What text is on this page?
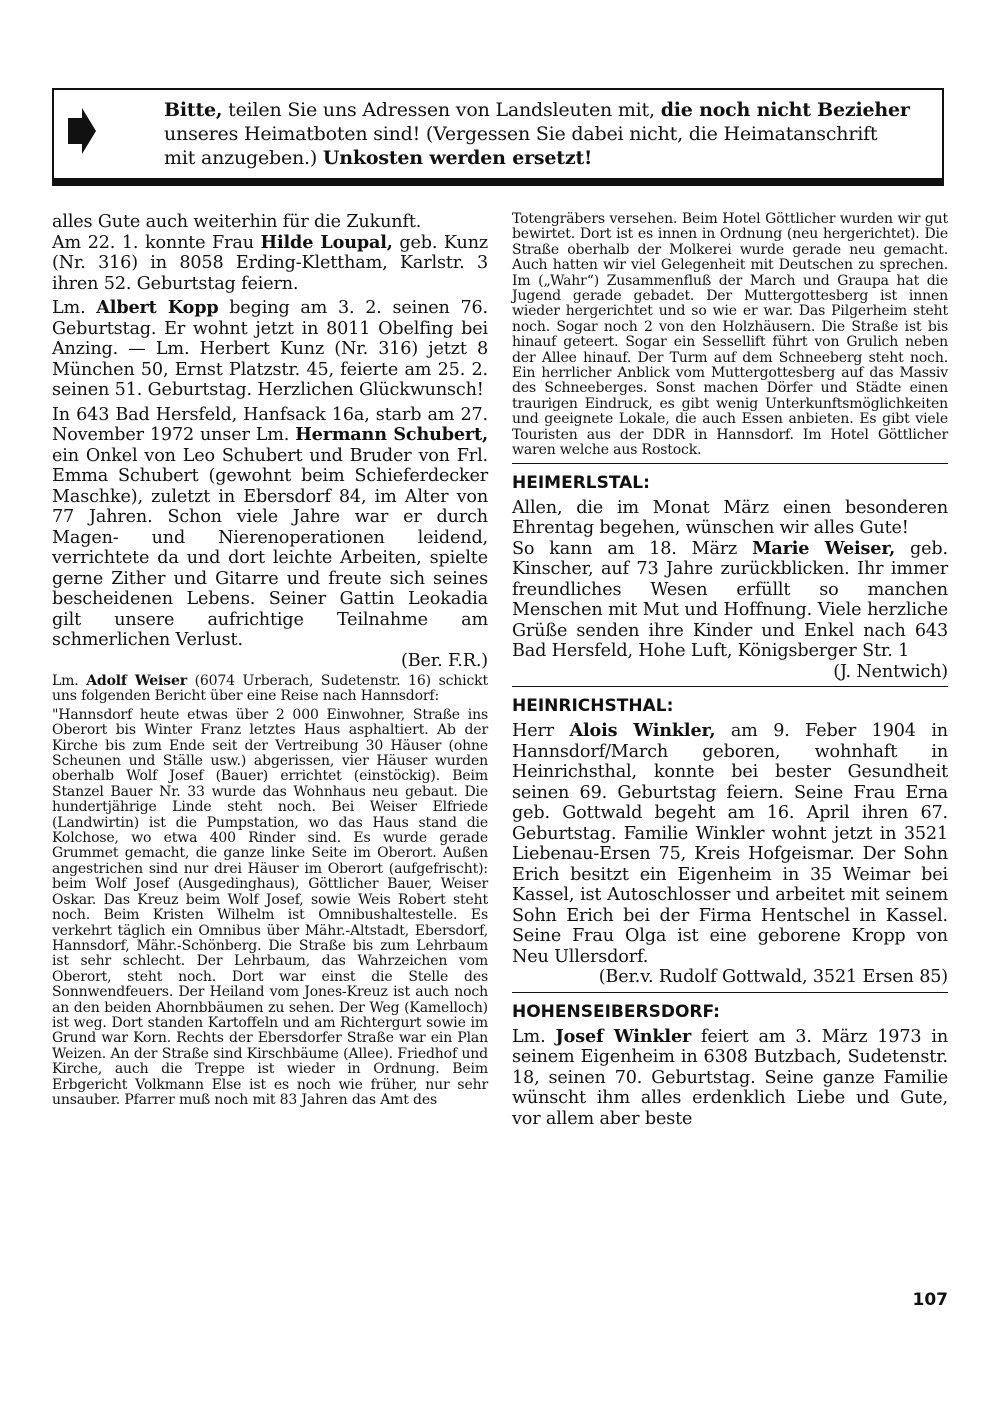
Bitte, teilen Sie uns Adressen von Landsleuten mit, die noch nicht Bezieher
unseres Heimatboten sind! (Vergessen Sie dabei nicht, die Heimatanschrift
mit anzugeben.) Unkosten werden ersetzt!

alles Gute auch weiterhin für die Zukunft.

Am 22. 1. konnte Frau Hilde Loupal, geb. Kunz (Nr. 316) in 8058 Erding-Klettham, Karlstr. 3 ihren 52. Geburtstag feiern.

Lm. Albert Kopp beging am 3. 2. seinen 76. Geburtstag. Er wohnt jetzt in 8011 Obelfing bei Anzing. — Lm. Herbert Kunz (Nr. 316) jetzt 8 München 50, Ernst Platzstr. 45, feierte am 25. 2. seinen 51. Geburtstag. Herzlichen Glückwunsch!

In 643 Bad Hersfeld, Hanfsack 16a, starb am 27. November 1972 unser Lm. Hermann Schubert, ein Onkel von Leo Schubert und Bruder von Frl. Emma Schubert (gewohnt beim Schieferdecker Maschke), zuletzt in Ebersdorf 84, im Alter von 77 Jahren. Schon viele Jahre war er durch Magen- und Nierenoperationen leidend, verrichtete da und dort leichte Arbeiten, spielte gerne Zither und Gitarre und freute sich seines bescheidenen Lebens. Seiner Gattin Leokadia gilt unsere aufrichtige Teilnahme am schmerlichen Verlust.

(Ber. F.R.)

Lm. Adolf Weiser (6074 Urberach, Sudetenstr. 16) schickt uns folgenden Bericht über eine Reise nach Hannsdorf:

"Hannsdorf heute etwas über 2 000 Einwohner, Straße ins Oberort bis Winter Franz letztes Haus asphaltiert. Ab der Kirche bis zum Ende seit der Vertreibung 30 Häuser (ohne Scheunen und Ställe usw.) abgerissen, vier Häuser wurden oberhalb Wolf Josef (Bauer) errichtet (einstöckig). Beim Stanzel Bauer Nr. 33 wurde das Wohnhaus neu gebaut. Die hundertjährige Linde steht noch. Bei Weiser Elfriede (Landwirtin) ist die Pumpstation, wo das Haus stand die Kolchose, wo etwa 400 Rinder sind. Es wurde gerade Grummet gemacht, die ganze linke Seite im Oberort. Außen angestrichen sind nur drei Häuser im Oberort (aufgefrischt): beim Wolf Josef (Ausgedinghaus), Göttlicher Bauer, Weiser Oskar. Das Kreuz beim Wolf Josef, sowie Weis Robert steht noch. Beim Kristen Wilhelm ist Omnibushaltestelle. Es verkehrt täglich ein Omnibus über Mähr.-Altstadt, Ebersdorf, Hannsdorf, Mähr.-Schönberg. Die Straße bis zum Lehrbaum ist sehr schlecht. Der Lehrbaum, das Wahrzeichen vom Oberort, steht noch. Dort war einst die Stelle des Sonnwendfeuers. Der Heiland vom Jones-Kreuz ist auch noch an den beiden Ahornbbäumen zu sehen. Der Weg (Kamelloch) ist weg. Dort standen Kartoffeln und am Richtergurt sowie im Grund war Korn. Rechts der Ebersdorfer Straße war ein Plan Weizen. An der Straße sind Kirschbäume (Allee). Friedhof und Kirche, auch die Treppe ist wieder in Ordnung. Beim Erbgericht Volkmann Else ist es noch wie früher, nur sehr unsauber. Pfarrer muß noch mit 83 Jahren das Amt des

Totengräbers versehen. Beim Hotel Göttlicher wurden wir gut bewirtet. Dort ist es innen in Ordnung (neu hergerichtet). Die Straße oberhalb der Molkerei wurde gerade neu gemacht. Auch hatten wir viel Gelegenheit mit Deutschen zu sprechen. Im („Wahr“) Zusammenfluß der March und Graupa hat die Jugend gerade gebadet. Der Muttergottesberg ist innen wieder hergerichtet und so wie er war. Das Pilgerheim steht noch. Sogar noch 2 von den Holzhäusern. Die Straße ist bis hinauf geteert. Sogar ein Sessellift führt von Grulich neben der Allee hinauf. Der Turm auf dem Schneeberg steht noch. Ein herrlicher Anblick vom Muttergottesberg auf das Massiv des Schneeberges. Sonst machen Dörfer und Städte einen traurigen Eindruck, es gibt wenig Unterkunftsmöglichkeiten und geeignete Lokale, die auch Essen anbieten. Es gibt viele Touristen aus der DDR in Hannsdorf. Im Hotel Göttlicher waren welche aus Rostock.

HEIMERLSTAL:

Allen, die im Monat März einen besonderen Ehrentag begehen, wünschen wir alles Gute!

So kann am 18. März Marie Weiser, geb. Kinscher, auf 73 Jahre zurückblicken. Ihr immer freundliches Wesen erfüllt so manchen Menschen mit Mut und Hoffnung. Viele herzliche Grüße senden ihre Kinder und Enkel nach 643 Bad Hersfeld, Hohe Luft, Königsberger Str. 1

(J. Nentwich)

HEINRICHSTHAL:

Herr Alois Winkler, am 9. Feber 1904 in Hannsdorf/March geboren, wohnhaft in Heinrichsthal, konnte bei bester Gesundheit seinen 69. Geburtstag feiern. Seine Frau Erna geb. Gottwald begeht am 16. April ihren 67. Geburtstag. Familie Winkler wohnt jetzt in 3521 Liebenau-Ersen 75, Kreis Hofgeismar. Der Sohn Erich besitzt ein Eigenheim in 35 Weimar bei Kassel, ist Autoschlosser und arbeitet mit seinem Sohn Erich bei der Firma Hentschel in Kassel. Seine Frau Olga ist eine geborene Kropp von Neu Ullersdorf.

(Ber.v. Rudolf Gottwald, 3521 Ersen 85)

HOHENSEIBERSDORF:

Lm. Josef Winkler feiert am 3. März 1973 in seinem Eigenheim in 6308 Butzbach, Sudetenstr. 18, seinen 70. Geburtstag. Seine ganze Familie wünscht ihm alles erdenklich Liebe und Gute, vor allem aber beste

107
